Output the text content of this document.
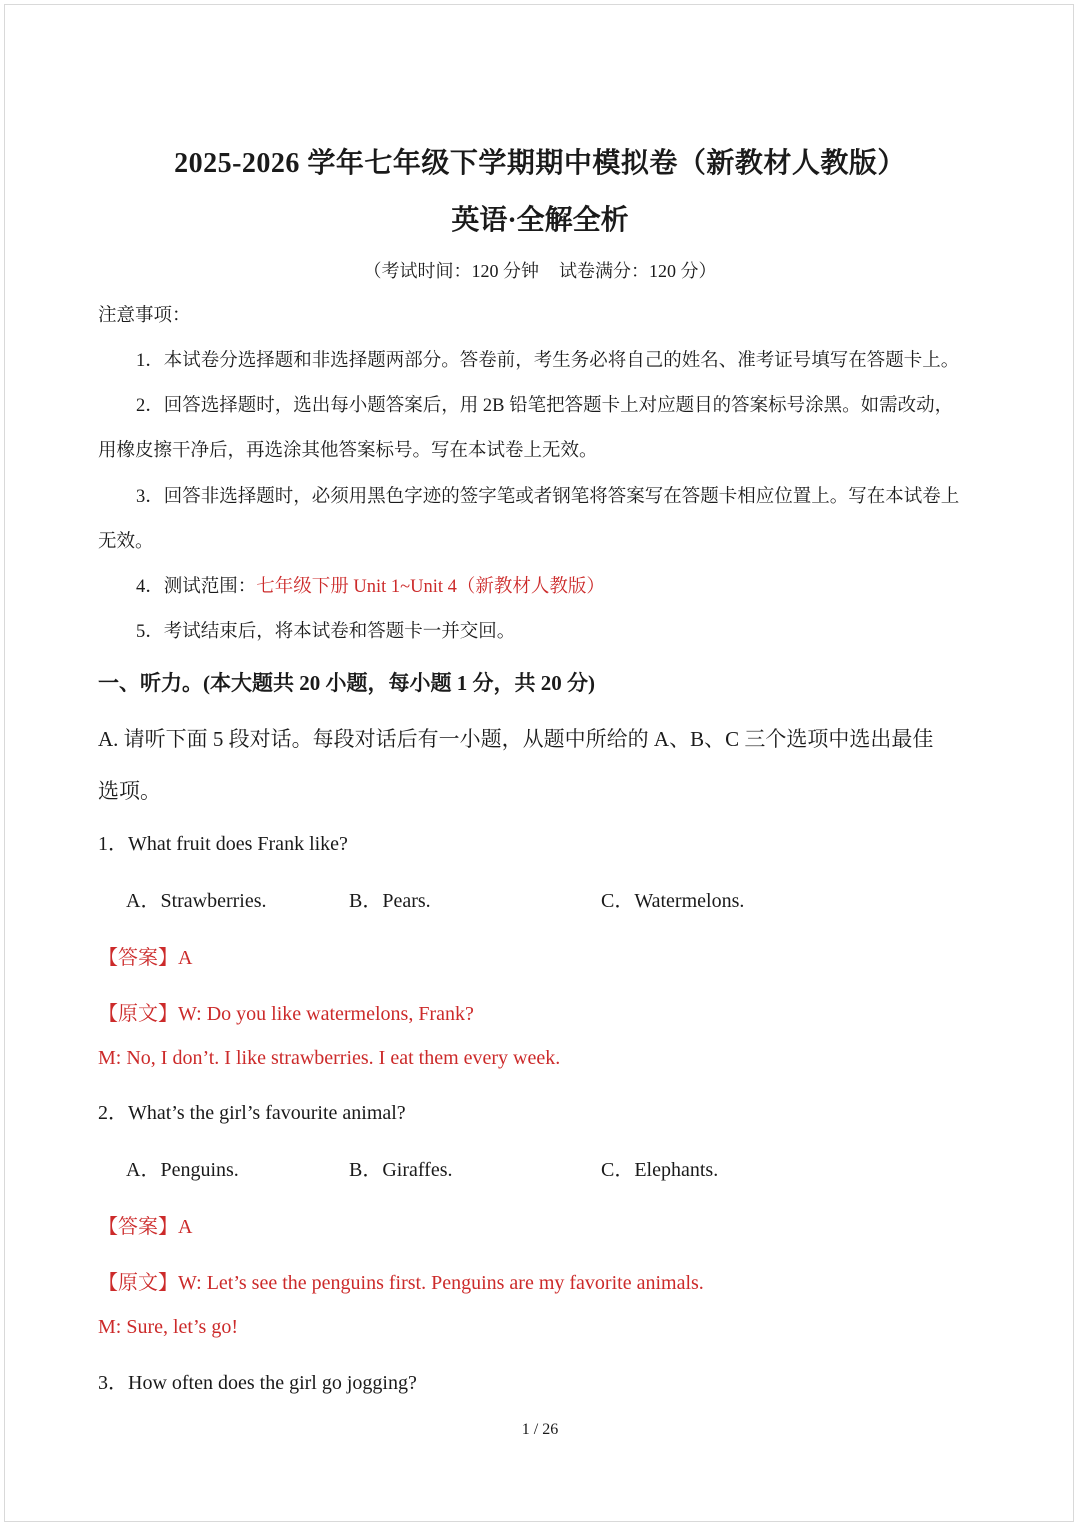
2025-2026 学年七年级下学期期中模拟卷（新教材人教版）
英语·全解全析
（考试时间：120 分钟 试卷满分：120 分）
注意事项：
1．本试卷分选择题和非选择题两部分。答卷前，考生务必将自己的姓名、准考证号填写在答题卡上。
2．回答选择题时，选出每小题答案后，用 2B 铅笔把答题卡上对应题目的答案标号涂黑。如需改动，
用橡皮擦干净后，再选涂其他答案标号。写在本试卷上无效。
3．回答非选择题时，必须用黑色字迹的签字笔或者钢笔将答案写在答题卡相应位置上。写在本试卷上
无效。
4．测试范围：七年级下册 Unit 1~Unit 4（新教材人教版）
5．考试结束后，将本试卷和答题卡一并交回。
一、听力。(本大题共 20 小题，每小题 1 分，共 20 分)
A. 请听下面 5 段对话。每段对话后有一小题，从题中所给的 A、B、C 三个选项中选出最佳
选项。
1．What fruit does Frank like?
A．Strawberries.	B．Pears.	C．Watermelons.
【答案】A
【原文】W: Do you like watermelons, Frank?
M: No, I don’t. I like strawberries. I eat them every week.
2．What’s the girl’s favourite animal?
A．Penguins.	B．Giraffes.	C．Elephants.
【答案】A
【原文】W: Let’s see the penguins first. Penguins are my favorite animals.
M: Sure, let’s go!
3．How often does the girl go jogging?
1 / 26
